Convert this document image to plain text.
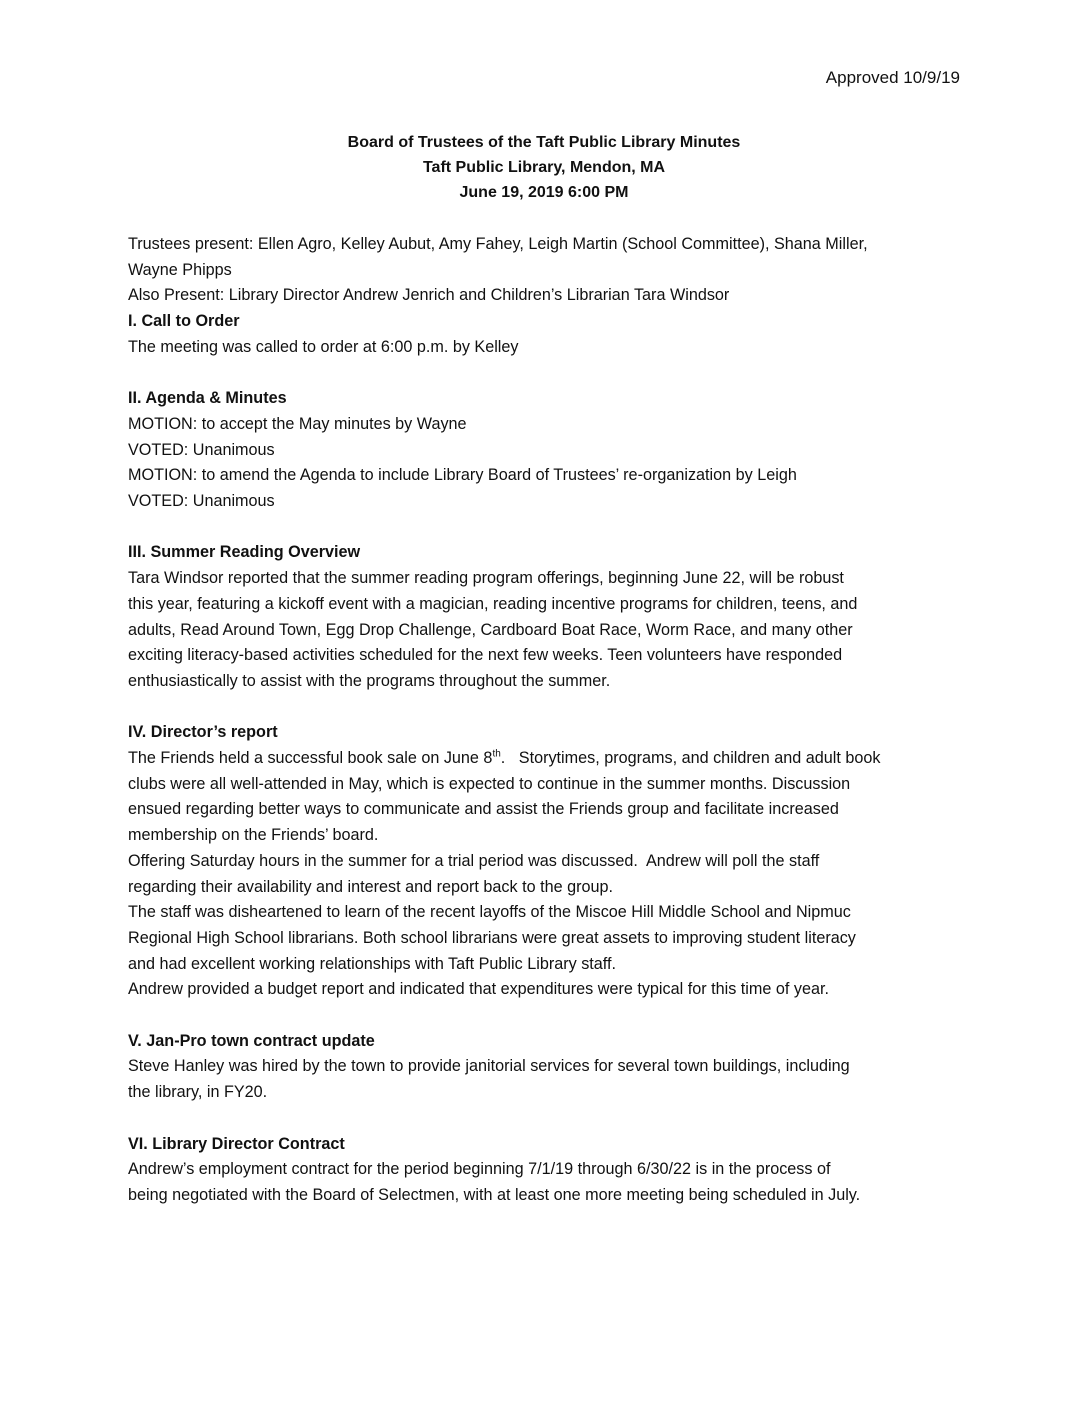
Approved 10/9/19
Board of Trustees of the Taft Public Library Minutes
Taft Public Library, Mendon, MA
June 19, 2019 6:00 PM
Trustees present: Ellen Agro, Kelley Aubut, Amy Fahey, Leigh Martin (School Committee), Shana Miller,
Wayne Phipps
Also Present: Library Director Andrew Jenrich and Children’s Librarian Tara Windsor
I. Call to Order
The meeting was called to order at 6:00 p.m. by Kelley
II. Agenda & Minutes
MOTION: to accept the May minutes by Wayne
VOTED: Unanimous
MOTION: to amend the Agenda to include Library Board of Trustees’ re-organization by Leigh
VOTED: Unanimous
III. Summer Reading Overview
Tara Windsor reported that the summer reading program offerings, beginning June 22, will be robust
this year, featuring a kickoff event with a magician, reading incentive programs for children, teens, and
adults, Read Around Town, Egg Drop Challenge, Cardboard Boat Race, Worm Race, and many other
exciting literacy-based activities scheduled for the next few weeks. Teen volunteers have responded
enthusiastically to assist with the programs throughout the summer.
IV. Director’s report
The Friends held a successful book sale on June 8th.   Storytimes, programs, and children and adult book
clubs were all well-attended in May, which is expected to continue in the summer months. Discussion
ensued regarding better ways to communicate and assist the Friends group and facilitate increased
membership on the Friends’ board.
Offering Saturday hours in the summer for a trial period was discussed.  Andrew will poll the staff
regarding their availability and interest and report back to the group.
The staff was disheartened to learn of the recent layoffs of the Miscoe Hill Middle School and Nipmuc
Regional High School librarians. Both school librarians were great assets to improving student literacy
and had excellent working relationships with Taft Public Library staff.
Andrew provided a budget report and indicated that expenditures were typical for this time of year.
V. Jan-Pro town contract update
Steve Hanley was hired by the town to provide janitorial services for several town buildings, including
the library, in FY20.
VI. Library Director Contract
Andrew’s employment contract for the period beginning 7/1/19 through 6/30/22 is in the process of
being negotiated with the Board of Selectmen, with at least one more meeting being scheduled in July.
